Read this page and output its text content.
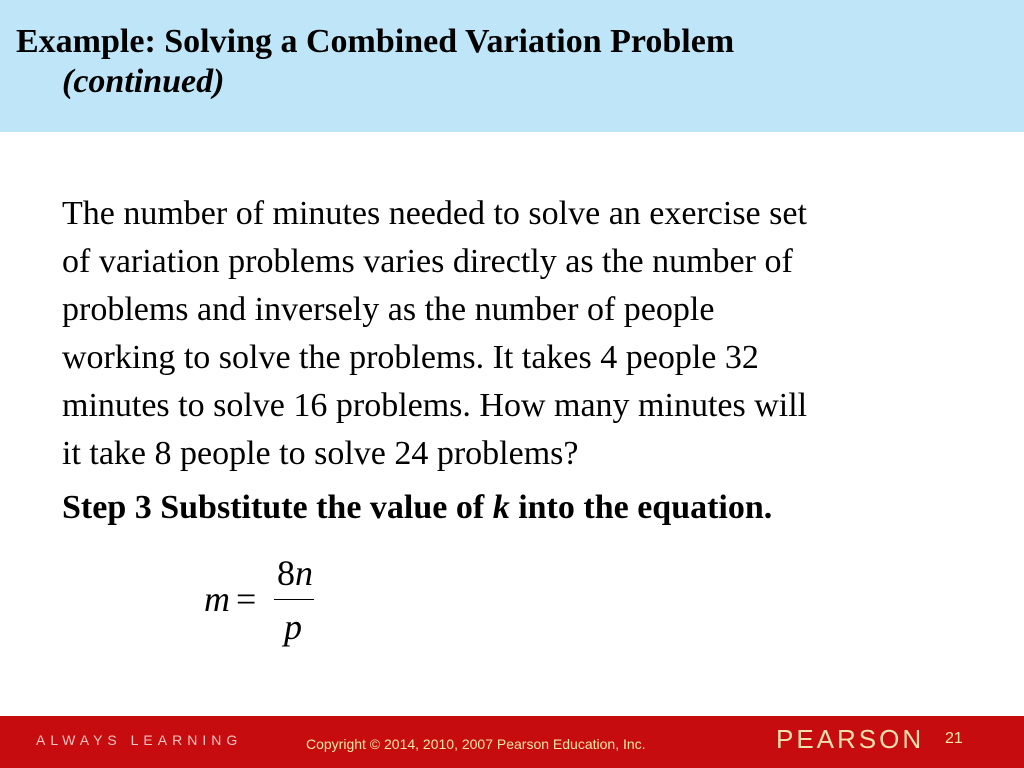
Example: Solving a Combined Variation Problem
(continued)

The number of minutes needed to solve an exercise set
of variation problems varies directly as the number of
problems and inversely as the number of people
working to solve the problems. It takes 4 people 32
minutes to solve 16 problems. How many minutes will
it take 8 people to solve 24 problems?

Step 3 Substitute the value of k into the equation.

m =
8n
p
ALWAYS LEARNING	Copyright © 2014, 2010, 2007 Pearson Education, Inc.	PEARSON 21
